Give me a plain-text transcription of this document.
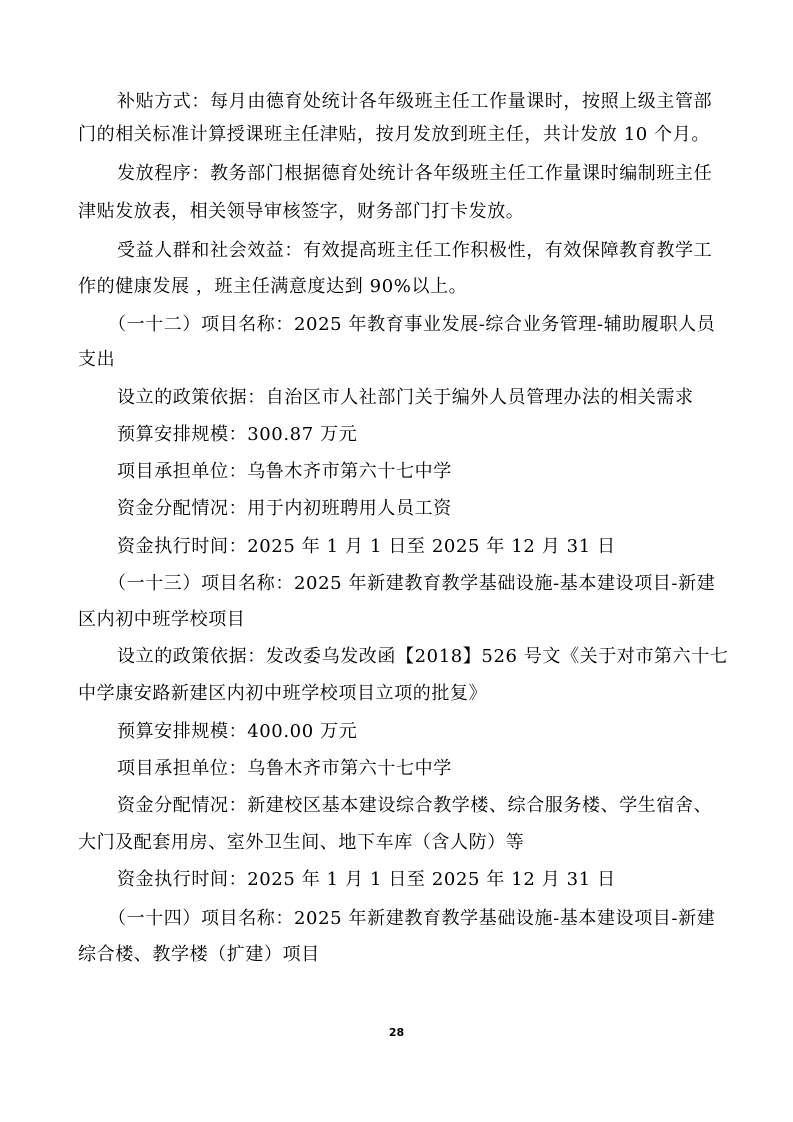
补贴方式：每月由德育处统计各年级班主任工作量课时，按照上级主管部
门的相关标准计算授课班主任津贴，按月发放到班主任，共计发放 10 个月。
发放程序：教务部门根据德育处统计各年级班主任工作量课时编制班主任
津贴发放表，相关领导审核签字，财务部门打卡发放。
受益人群和社会效益：有效提高班主任工作积极性，有效保障教育教学工
作的健康发展 ，班主任满意度达到 90%以上。
（一十二）项目名称：2025 年教育事业发展-综合业务管理-辅助履职人员
支出
设立的政策依据：自治区市人社部门关于编外人员管理办法的相关需求
预算安排规模：300.87 万元
项目承担单位：乌鲁木齐市第六十七中学
资金分配情况：用于内初班聘用人员工资
资金执行时间：2025 年 1 月 1 日至 2025 年 12 月 31 日
（一十三）项目名称：2025 年新建教育教学基础设施-基本建设项目-新建
区内初中班学校项目
设立的政策依据：发改委乌发改函【2018】526 号文《关于对市第六十七
中学康安路新建区内初中班学校项目立项的批复》
预算安排规模：400.00 万元
项目承担单位：乌鲁木齐市第六十七中学
资金分配情况：新建校区基本建设综合教学楼、综合服务楼、学生宿舍、
大门及配套用房、室外卫生间、地下车库（含人防）等
资金执行时间：2025 年 1 月 1 日至 2025 年 12 月 31 日
（一十四）项目名称：2025 年新建教育教学基础设施-基本建设项目-新建
综合楼、教学楼（扩建）项目
28
